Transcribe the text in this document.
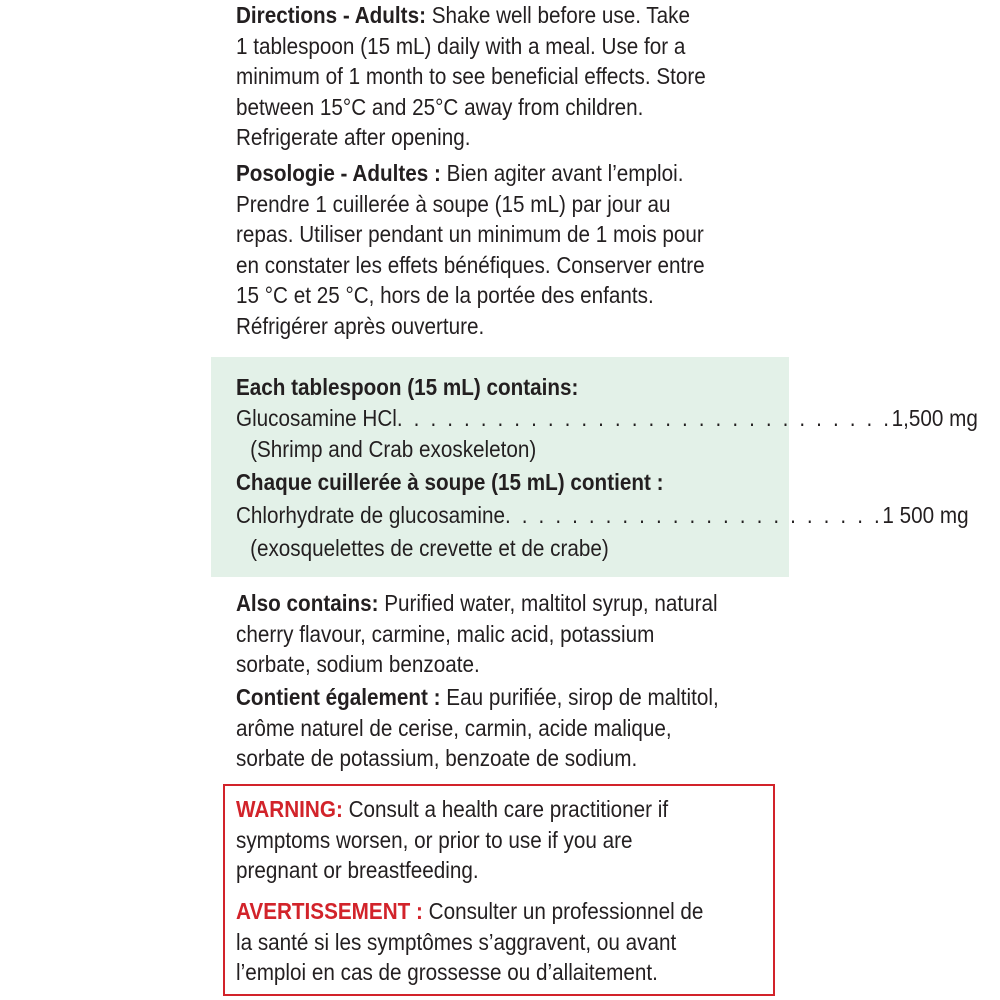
Directions - Adults: Shake well before use. Take
1 tablespoon (15 mL) daily with a meal. Use for a
minimum of 1 month to see beneficial effects. Store
between 15°C and 25°C away from children.
Refrigerate after opening.
Posologie - Adultes : Bien agiter avant l’emploi.
Prendre 1 cuillerée à soupe (15 mL) par jour au
repas. Utiliser pendant un minimum de 1 mois pour
en constater les effets bénéfiques. Conserver entre
15 °C et 25 °C, hors de la portée des enfants.
Réfrigérer après ouverture.
Each tablespoon (15 mL) contains:
Glucosamine HCl . . . . . . . . . . . . . . . . . . . . . . . . . . . . . . 1,500 mg
(Shrimp and Crab exoskeleton)
Chaque cuillerée à soupe (15 mL) contient :
Chlorhydrate de glucosamine . . . . . . . . . . . . . . . . . . . . . . . 1 500 mg
(exosquelettes de crevette et de crabe)
Also contains: Purified water, maltitol syrup, natural
cherry flavour, carmine, malic acid, potassium
sorbate, sodium benzoate.
Contient également : Eau purifiée, sirop de maltitol,
arôme naturel de cerise, carmin, acide malique,
sorbate de potassium, benzoate de sodium.
WARNING: Consult a health care practitioner if
symptoms worsen, or prior to use if you are
pregnant or breastfeeding.
AVERTISSEMENT : Consulter un professionnel de
la santé si les symptômes s’aggravent, ou avant
l’emploi en cas de grossesse ou d’allaitement.
